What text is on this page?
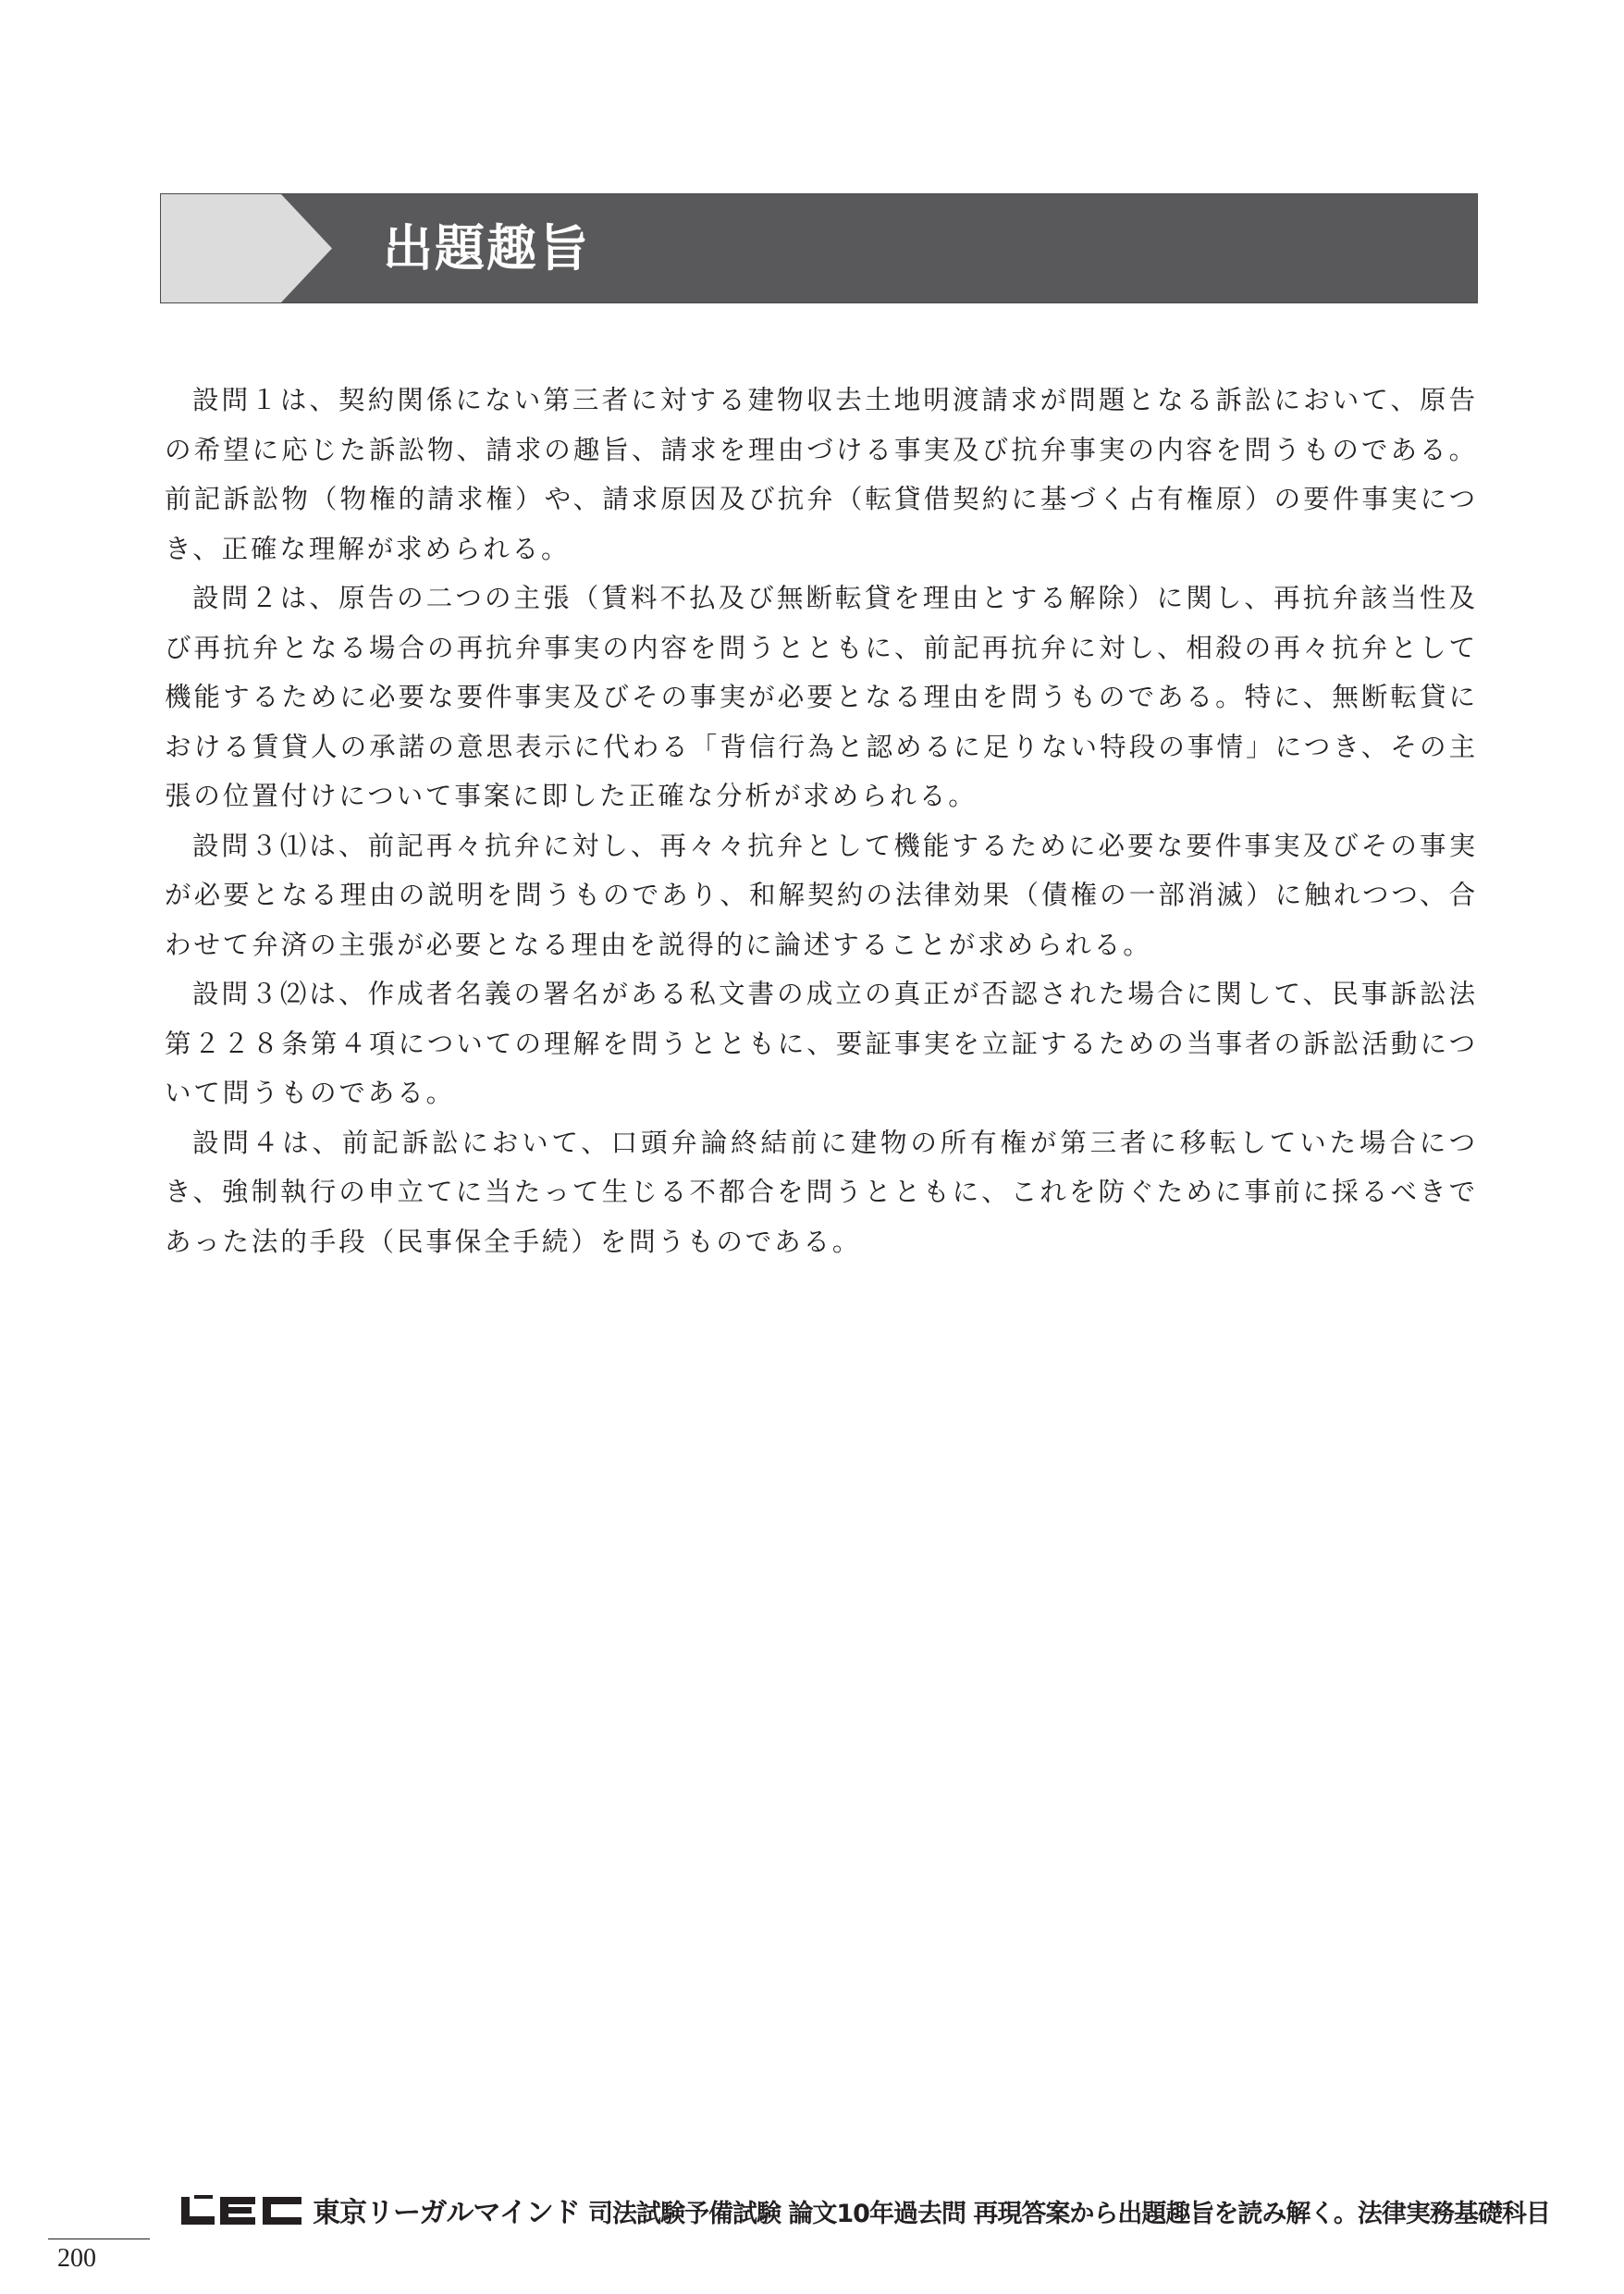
出題趣旨

設問１は、契約関係にない第三者に対する建物収去土地明渡請求が問題となる訴訟において、原告の希望に応じた訴訟物、請求の趣旨、請求を理由づける事実及び抗弁事実の内容を問うものである。前記訴訟物（物権的請求権）や、請求原因及び抗弁（転貸借契約に基づく占有権原）の要件事実につき、正確な理解が求められる。

設問２は、原告の二つの主張（賃料不払及び無断転貸を理由とする解除）に関し、再抗弁該当性及び再抗弁となる場合の再抗弁事実の内容を問うとともに、前記再抗弁に対し、相殺の再々抗弁として機能するために必要な要件事実及びその事実が必要となる理由を問うものである。特に、無断転貸における賃貸人の承諾の意思表示に代わる「背信行為と認めるに足りない特段の事情」につき、その主張の位置付けについて事案に即した正確な分析が求められる。

設問３⑴は、前記再々抗弁に対し、再々々抗弁として機能するために必要な要件事実及びその事実が必要となる理由の説明を問うものであり、和解契約の法律効果（債権の一部消滅）に触れつつ、合わせて弁済の主張が必要となる理由を説得的に論述することが求められる。

設問３⑵は、作成者名義の署名がある私文書の成立の真正が否認された場合に関して、民事訴訟法第２２８条第４項についての理解を問うとともに、要証事実を立証するための当事者の訴訟活動について問うものである。

設問４は、前記訴訟において、口頭弁論終結前に建物の所有権が第三者に移転していた場合につき、強制執行の申立てに当たって生じる不都合を問うとともに、これを防ぐために事前に採るべきであった法的手段（民事保全手続）を問うものである。

東京リーガルマインド 司法試験予備試験 論文10年過去問 再現答案から出題趣旨を読み解く。法律実務基礎科目
200
